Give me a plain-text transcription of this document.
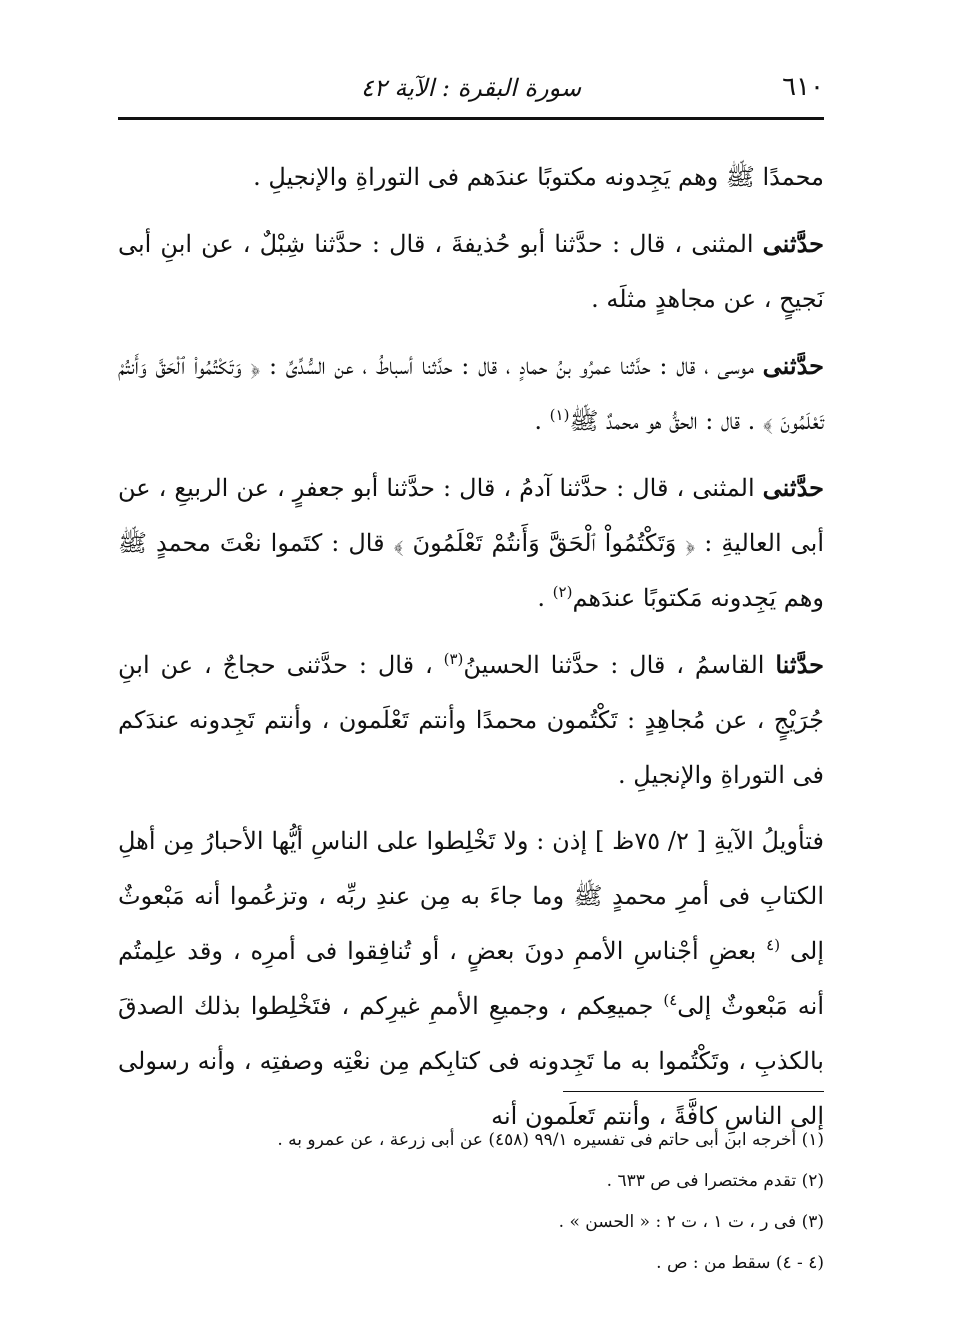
٦١٠
سورة البقرة : الآية ٤٢

محمدًا ﷺ وهم يَجِدونه مكتوبًا عندَهم فى التوراةِ والإنجيلِ .

حدَّثنى المثنى ، قال : حدَّثنا أبو حُذيفةَ ، قال : حدَّثنا شِبْلٌ ، عن ابنِ أبى نَجيحٍ ، عن مجاهدٍ مثلَه .

حدَّثنى موسى ، قال : حدَّثنا عمرُو بنُ حمادٍ ، قال : حدَّثنا أسباطُ ، عن السُّدِّىِّ : ﴿ وَتَكْتُمُواْ ٱلْحَقَّ وَأَنتُمْ تَعْلَمُونَ ﴾ . قال : الحقُّ هو محمدٌ ﷺ$^{(١)}$ .

حدَّثنى المثنى ، قال : حدَّثنا آدمُ ، قال : حدَّثنا أبو جعفرٍ ، عن الربيعِ ، عن أبى العاليةِ : ﴿ وَتَكْتُمُواْ ٱلْحَقَّ وَأَنتُمْ تَعْلَمُونَ ﴾ قال : كتَموا نعْتَ محمدٍ ﷺ وهم يَجِدونه مَكتوبًا عندَهم$^{(٢)}$ .

حدَّثنا القاسمُ ، قال : حدَّثنا الحسينُ$^{(٣)}$ ، قال : حدَّثنى حجاجٌ ، عن ابنِ جُرَيْجٍ ، عن مُجاهِدٍ : تَكْتُمون محمدًا وأنتم تَعْلَمون ، وأنتم تَجِدونه عندَكم فى التوراةِ والإنجيلِ .

فتأويلُ الآيةِ [ ٢/ ٧٥ظ ] إذن : ولا تَخْلِطوا على الناسِ أيُّها الأحبارُ مِن أهلِ الكتابِ فى أمرِ محمدٍ ﷺ وما جاءَ به مِن عندِ ربِّه ، وتزعُموا أنه مَبْعوثٌ إلى $^{(٤}$ بعضِ أجْناسِ الأممِ دونَ بعضٍ ، أو تُنافِقوا فى أمرِه ، وقد علِمتُم أنه مَبْعوثٌ إلى$^{٤)}$ جميعِكم ، وجميعِ الأممِ غيرِكم ، فتَخْلِطوا بذلك الصدقَ بالكذبِ ، وتَكْتُموا به ما تَجِدونه فى كتابِكم مِن نعْتِه وصفتِه ، وأنه رسولى إلى الناسِ كافَّةً ، وأنتم تَعلَمون أنه

(١) أخرجه ابن أبى حاتم فى تفسيره ٩٩/١ (٤٥٨) عن أبى زرعة ، عن عمرو به .

(٢) تقدم مختصرا فى ص ٦٣٣ .

(٣) فى ر ، ت ١ ، ت ٢ : « الحسن » .

(٤ - ٤) سقط من : ص .
